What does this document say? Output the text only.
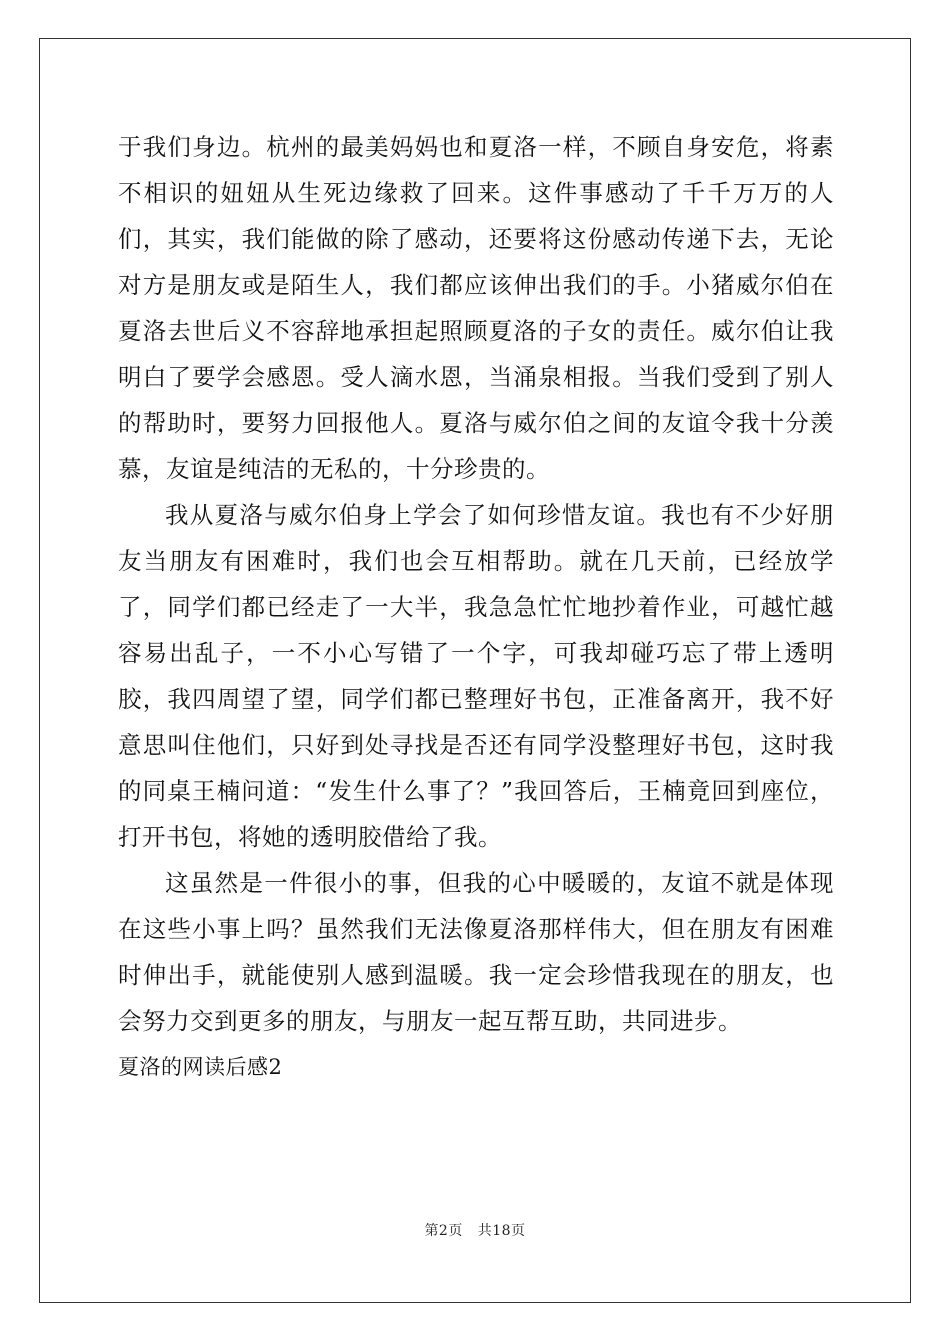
于我们身边。杭州的最美妈妈也和夏洛一样，不顾自身安危，将素不相识的妞妞从生死边缘救了回来。这件事感动了千千万万的人们，其实，我们能做的除了感动，还要将这份感动传递下去，无论对方是朋友或是陌生人，我们都应该伸出我们的手。小猪威尔伯在夏洛去世后义不容辞地承担起照顾夏洛的子女的责任。威尔伯让我明白了要学会感恩。受人滴水恩，当涌泉相报。当我们受到了别人的帮助时，要努力回报他人。夏洛与威尔伯之间的友谊令我十分羡慕，友谊是纯洁的无私的，十分珍贵的。

我从夏洛与威尔伯身上学会了如何珍惜友谊。我也有不少好朋友当朋友有困难时，我们也会互相帮助。就在几天前，已经放学了，同学们都已经走了一大半，我急急忙忙地抄着作业，可越忙越容易出乱子，一不小心写错了一个字，可我却碰巧忘了带上透明胶，我四周望了望，同学们都已整理好书包，正准备离开，我不好意思叫住他们，只好到处寻找是否还有同学没整理好书包，这时我的同桌王楠问道：“发生什么事了？”我回答后，王楠竟回到座位，打开书包，将她的透明胶借给了我。

这虽然是一件很小的事，但我的心中暖暖的，友谊不就是体现在这些小事上吗？虽然我们无法像夏洛那样伟大，但在朋友有困难时伸出手，就能使别人感到温暖。我一定会珍惜我现在的朋友，也会努力交到更多的朋友，与朋友一起互帮互助，共同进步。

夏洛的网读后感2

第2页 共18页
